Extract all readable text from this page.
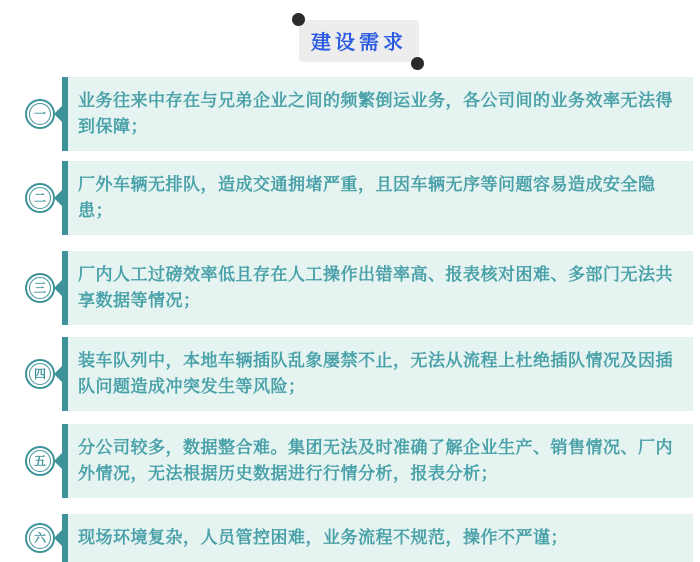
建设需求
一
业务往来中存在与兄弟企业之间的频繁倒运业务，各公司间的业务效率无法得到保障；
二
厂外车辆无排队，造成交通拥堵严重，且因车辆无序等问题容易造成安全隐患；
三
厂内人工过磅效率低且存在人工操作出错率高、报表核对困难、多部门无法共享数据等情况；
四
装车队列中，本地车辆插队乱象屡禁不止，无法从流程上杜绝插队情况及因插队问题造成冲突发生等风险；
五
分公司较多，数据整合难。集团无法及时准确了解企业生产、销售情况、厂内外情况，无法根据历史数据进行行情分析，报表分析；
六 现场环境复杂，人员管控困难，业务流程不规范，操作不严谨；
